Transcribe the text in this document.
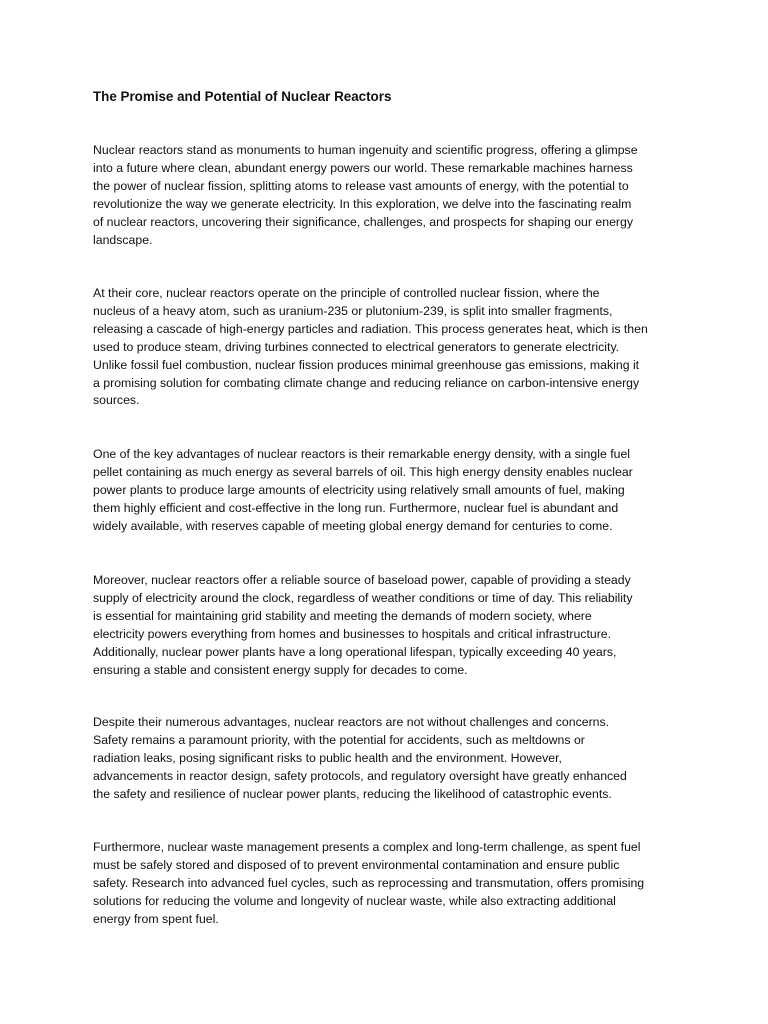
The Promise and Potential of Nuclear Reactors
Nuclear reactors stand as monuments to human ingenuity and scientific progress, offering a glimpse
into a future where clean, abundant energy powers our world. These remarkable machines harness
the power of nuclear fission, splitting atoms to release vast amounts of energy, with the potential to
revolutionize the way we generate electricity. In this exploration, we delve into the fascinating realm
of nuclear reactors, uncovering their significance, challenges, and prospects for shaping our energy
landscape.
At their core, nuclear reactors operate on the principle of controlled nuclear fission, where the
nucleus of a heavy atom, such as uranium-235 or plutonium-239, is split into smaller fragments,
releasing a cascade of high-energy particles and radiation. This process generates heat, which is then
used to produce steam, driving turbines connected to electrical generators to generate electricity.
Unlike fossil fuel combustion, nuclear fission produces minimal greenhouse gas emissions, making it
a promising solution for combating climate change and reducing reliance on carbon-intensive energy
sources.
One of the key advantages of nuclear reactors is their remarkable energy density, with a single fuel
pellet containing as much energy as several barrels of oil. This high energy density enables nuclear
power plants to produce large amounts of electricity using relatively small amounts of fuel, making
them highly efficient and cost-effective in the long run. Furthermore, nuclear fuel is abundant and
widely available, with reserves capable of meeting global energy demand for centuries to come.
Moreover, nuclear reactors offer a reliable source of baseload power, capable of providing a steady
supply of electricity around the clock, regardless of weather conditions or time of day. This reliability
is essential for maintaining grid stability and meeting the demands of modern society, where
electricity powers everything from homes and businesses to hospitals and critical infrastructure.
Additionally, nuclear power plants have a long operational lifespan, typically exceeding 40 years,
ensuring a stable and consistent energy supply for decades to come.
Despite their numerous advantages, nuclear reactors are not without challenges and concerns.
Safety remains a paramount priority, with the potential for accidents, such as meltdowns or
radiation leaks, posing significant risks to public health and the environment. However,
advancements in reactor design, safety protocols, and regulatory oversight have greatly enhanced
the safety and resilience of nuclear power plants, reducing the likelihood of catastrophic events.
Furthermore, nuclear waste management presents a complex and long-term challenge, as spent fuel
must be safely stored and disposed of to prevent environmental contamination and ensure public
safety. Research into advanced fuel cycles, such as reprocessing and transmutation, offers promising
solutions for reducing the volume and longevity of nuclear waste, while also extracting additional
energy from spent fuel.
